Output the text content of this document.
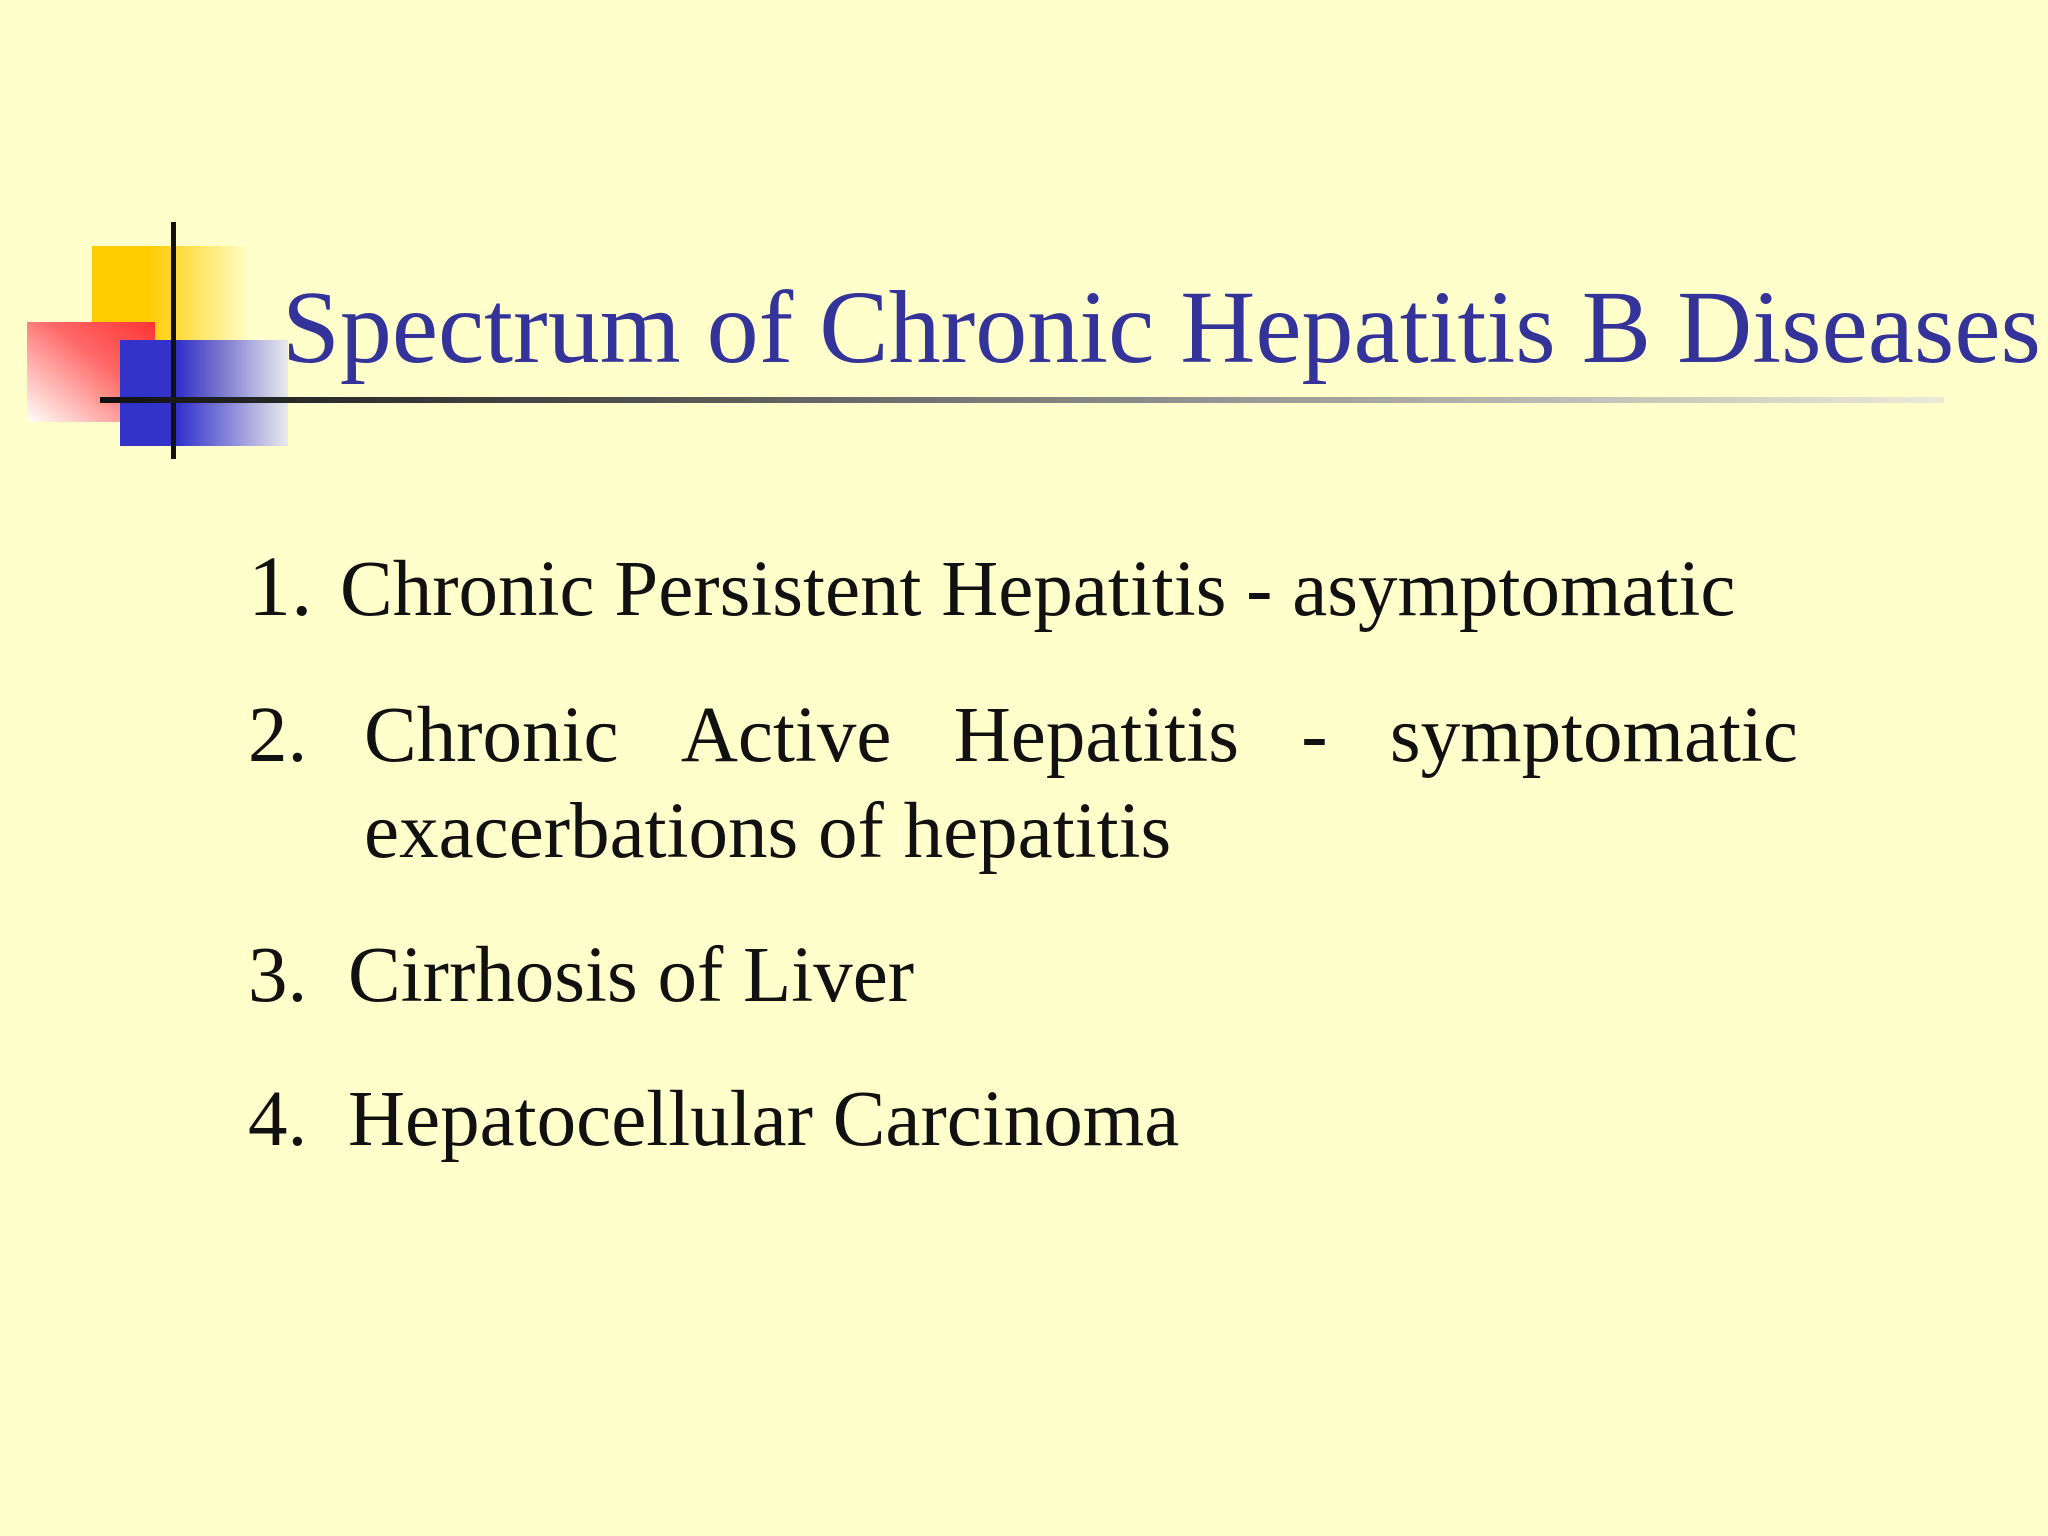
Spectrum of Chronic Hepatitis B Diseases
1. Chronic Persistent Hepatitis - asymptomatic
2. Chronic Active Hepatitis - symptomatic
exacerbations of hepatitis
3. Cirrhosis of Liver
4. Hepatocellular Carcinoma
